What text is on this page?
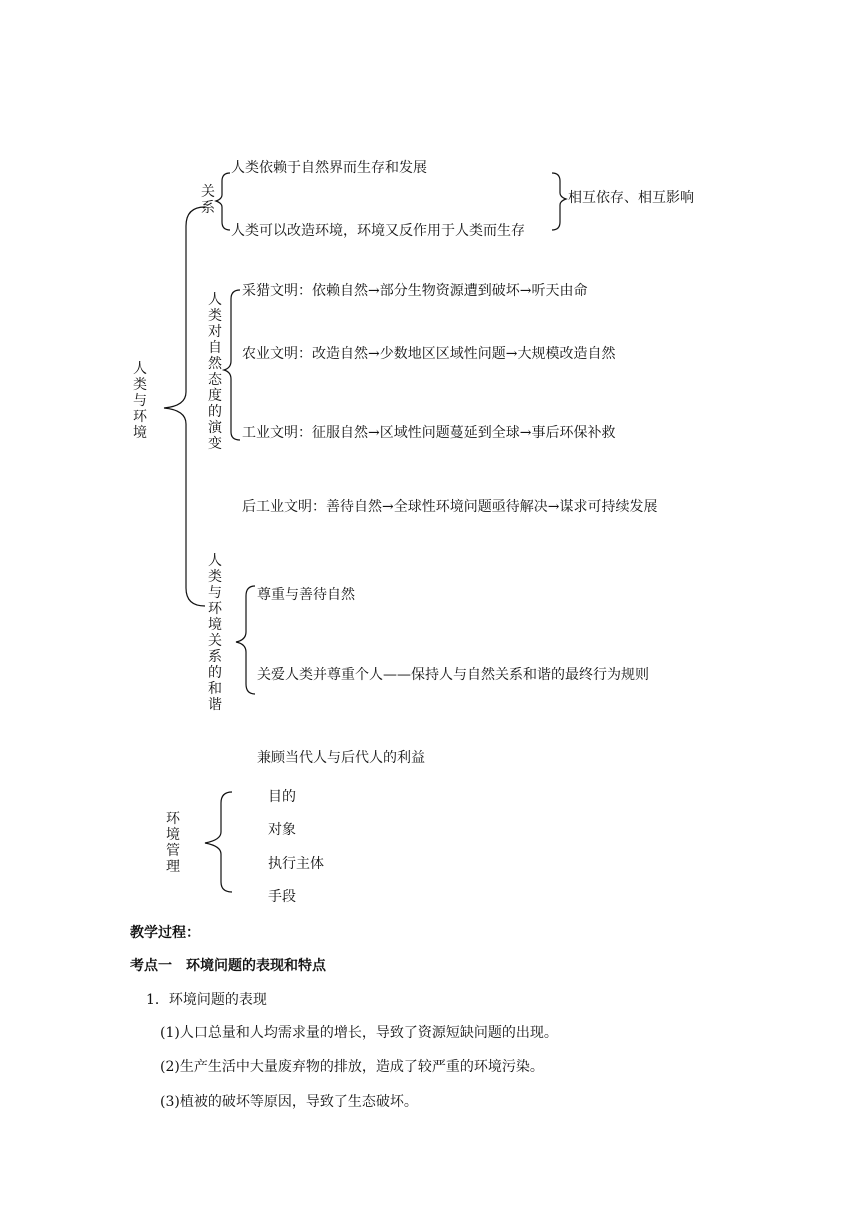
人类与环境
关系
人类依赖于自然界而生存和发展
人类可以改造环境，环境又反作用于人类而生存
相互依存、相互影响
人类对自然态度的演变
采猎文明：依赖自然→部分生物资源遭到破坏→听天由命
农业文明：改造自然→少数地区区域性问题→大规模改造自然
工业文明：征服自然→区域性问题蔓延到全球→事后环保补救
后工业文明：善待自然→全球性环境问题亟待解决→谋求可持续发展
人类与环境关系的和谐
尊重与善待自然
关爱人类并尊重个人——保持人与自然关系和谐的最终行为规则
兼顾当代人与后代人的利益
环境管理
目的
对象
执行主体
手段
教学过程：
考点一　环境问题的表现和特点
1．环境问题的表现
(1)人口总量和人均需求量的增长，导致了资源短缺问题的出现。
(2)生产生活中大量废弃物的排放，造成了较严重的环境污染。
(3)植被的破坏等原因，导致了生态破坏。
